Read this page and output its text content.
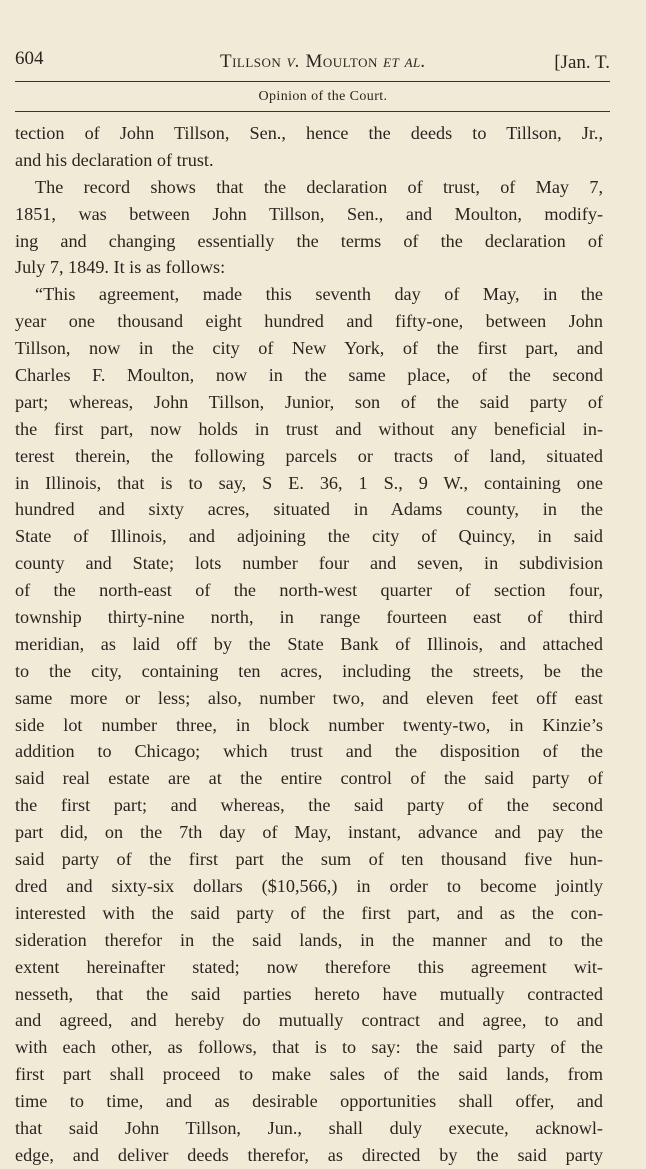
604	Tillson v. Moulton et al.	[Jan. T.
Opinion of the Court.
tection of John Tillson, Sen., hence the deeds to Tillson, Jr.,
and his declaration of trust.
The record shows that the declaration of trust, of May 7,
1851, was between John Tillson, Sen., and Moulton, modify-
ing and changing essentially the terms of the declaration of
July 7, 1849. It is as follows:
“This agreement, made this seventh day of May, in the
year one thousand eight hundred and fifty-one, between John
Tillson, now in the city of New York, of the first part, and
Charles F. Moulton, now in the same place, of the second
part; whereas, John Tillson, Junior, son of the said party of
the first part, now holds in trust and without any beneficial in-
terest therein, the following parcels or tracts of land, situated
in Illinois, that is to say, S E. 36, 1 S., 9 W., containing one
hundred and sixty acres, situated in Adams county, in the
State of Illinois, and adjoining the city of Quincy, in said
county and State; lots number four and seven, in subdivision
of the north-east of the north-west quarter of section four,
township thirty-nine north, in range fourteen east of third
meridian, as laid off by the State Bank of Illinois, and attached
to the city, containing ten acres, including the streets, be the
same more or less; also, number two, and eleven feet off east
side lot number three, in block number twenty-two, in Kinzie’s
addition to Chicago; which trust and the disposition of the
said real estate are at the entire control of the said party of
the first part; and whereas, the said party of the second
part did, on the 7th day of May, instant, advance and pay the
said party of the first part the sum of ten thousand five hun-
dred and sixty-six dollars ($10,566,) in order to become jointly
interested with the said party of the first part, and as the con-
sideration therefor in the said lands, in the manner and to the
extent hereinafter stated; now therefore this agreement wit-
nesseth, that the said parties hereto have mutually contracted
and agreed, and hereby do mutually contract and agree, to and
with each other, as follows, that is to say: the said party of the
first part shall proceed to make sales of the said lands, from
time to time, and as desirable opportunities shall offer, and
that said John Tillson, Jun., shall duly execute, acknowl-
edge, and deliver deeds therefor, as directed by the said party
